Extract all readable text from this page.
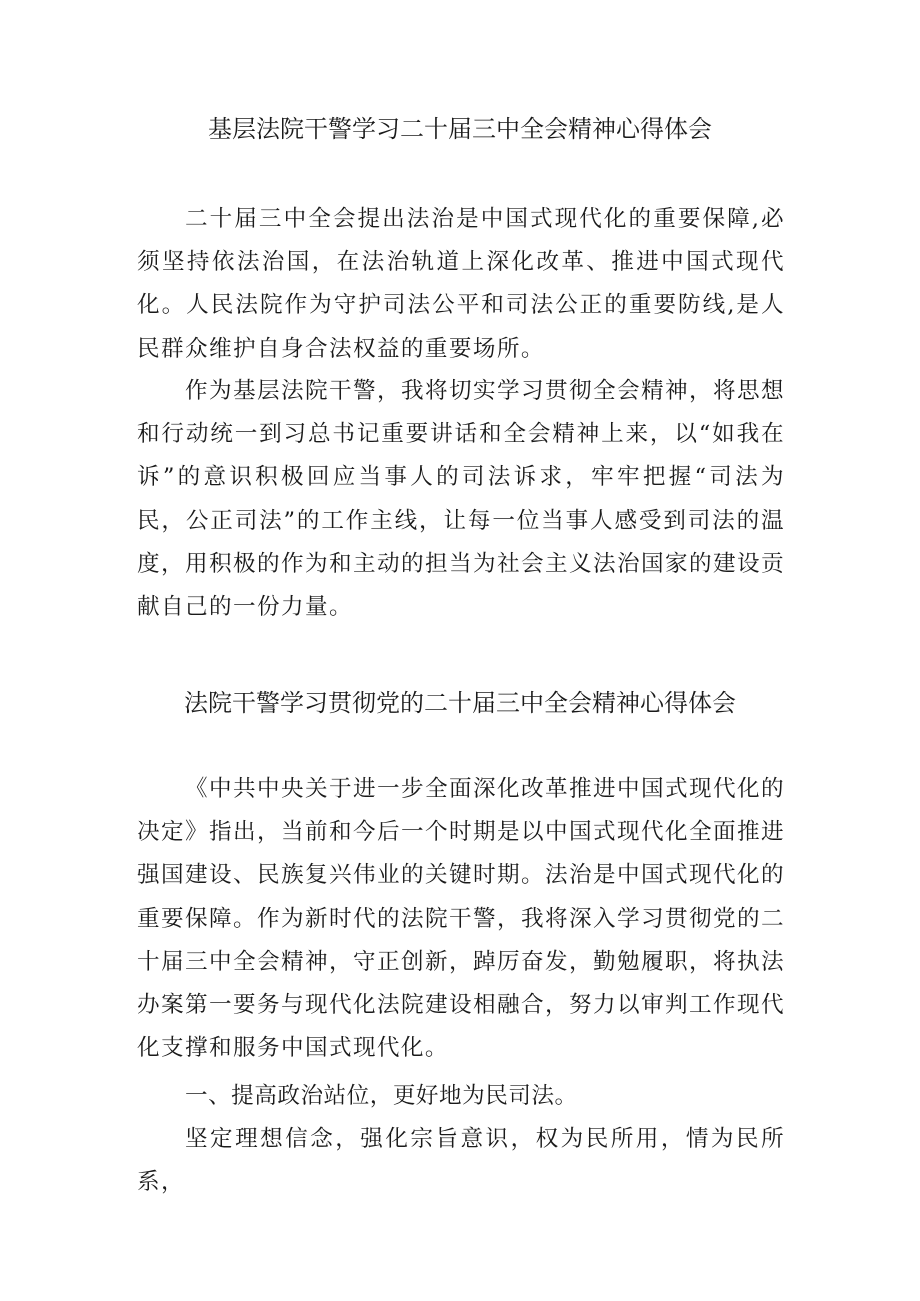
基层法院干警学习二十届三中全会精神心得体会

二十届三中全会提出法治是中国式现代化的重要保障,必须坚持依法治国，在法治轨道上深化改革、推进中国式现代化。人民法院作为守护司法公平和司法公正的重要防线,是人民群众维护自身合法权益的重要场所。

作为基层法院干警，我将切实学习贯彻全会精神，将思想和行动统一到习总书记重要讲话和全会精神上来，以“如我在诉”的意识积极回应当事人的司法诉求，牢牢把握“司法为民，公正司法”的工作主线，让每一位当事人感受到司法的温度，用积极的作为和主动的担当为社会主义法治国家的建设贡献自己的一份力量。

法院干警学习贯彻党的二十届三中全会精神心得体会

《中共中央关于进一步全面深化改革推进中国式现代化的决定》指出，当前和今后一个时期是以中国式现代化全面推进强国建设、民族复兴伟业的关键时期。法治是中国式现代化的重要保障。作为新时代的法院干警，我将深入学习贯彻党的二十届三中全会精神，守正创新，踔厉奋发，勤勉履职，将执法办案第一要务与现代化法院建设相融合，努力以审判工作现代化支撑和服务中国式现代化。

一、提高政治站位，更好地为民司法。

坚定理想信念，强化宗旨意识，权为民所用，情为民所系，
